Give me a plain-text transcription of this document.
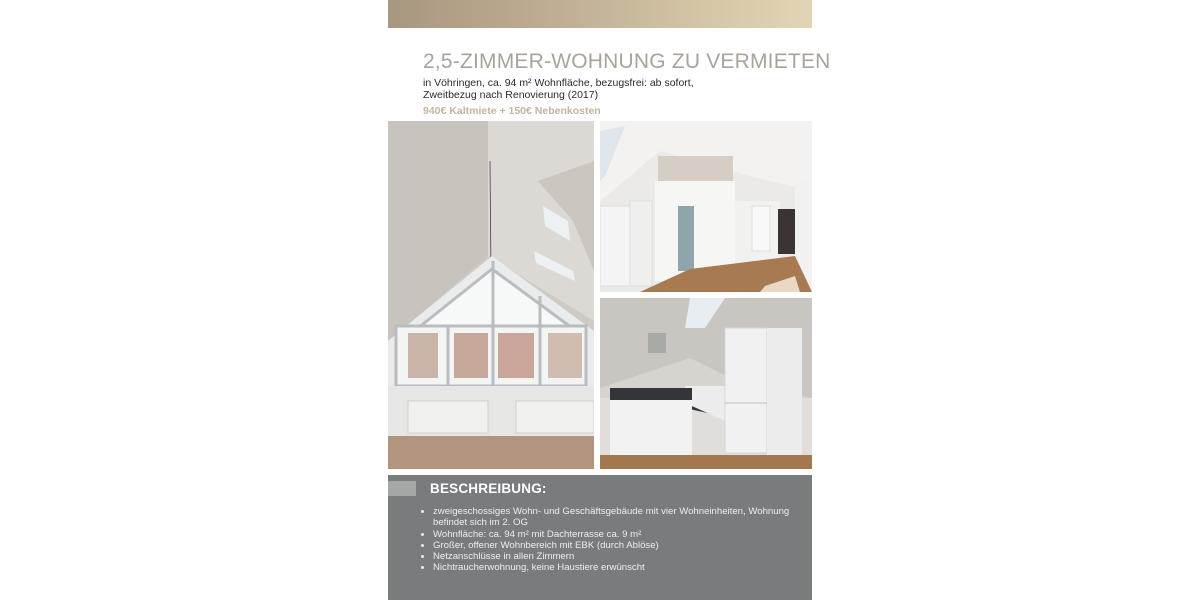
2,5-ZIMMER-WOHNUNG ZU VERMIETEN
in Vöhringen, ca. 94 m² Wohnfläche, bezugsfrei: ab sofort,
Zweitbezug nach Renovierung (2017)
940€ Kaltmiete + 150€ Nebenkosten
BESCHREIBUNG:
• zweigeschossiges Wohn- und Geschäftsgebäude mit vier Wohneinheiten, Wohnung befindet sich im 2. OG
• Wohnfläche: ca. 94 m² mit Dachterrasse ca. 9 m²
• Großer, offener Wohnbereich mit EBK (durch Ablöse)
• Netzanschlüsse in allen Zimmern
• Nichtraucherwohnung, keine Haustiere erwünscht
